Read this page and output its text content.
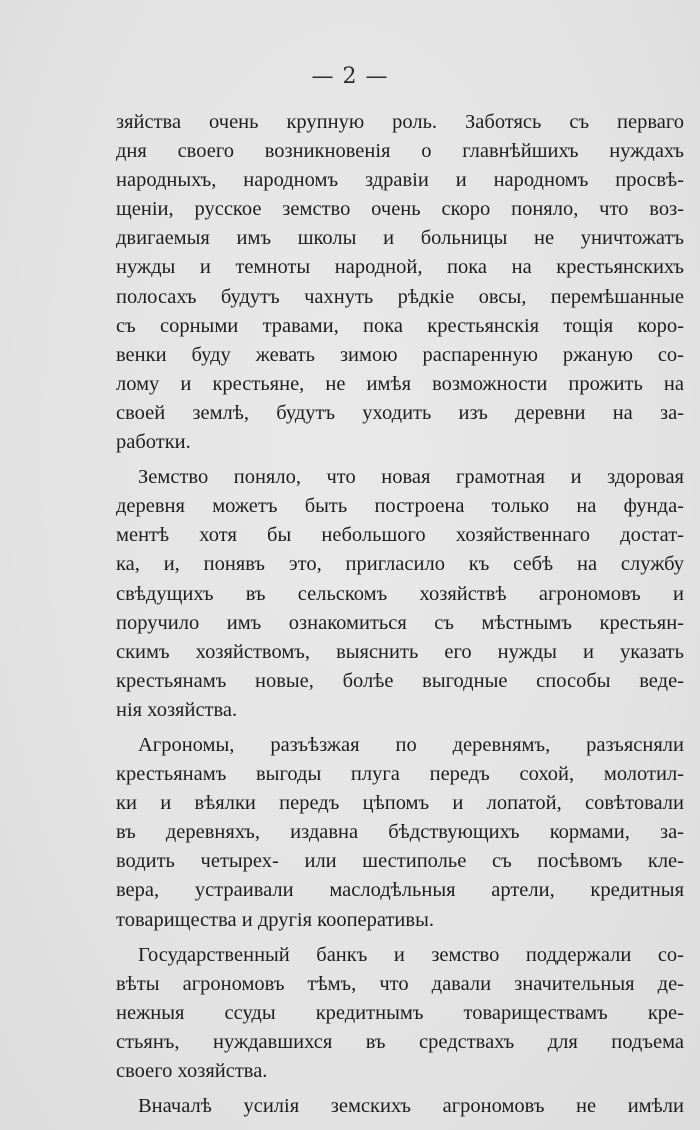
— 2 —
зяйства очень крупную роль. Заботясь съ перваго
дня своего возникновенія о главнѣйшихъ нуждахъ
народныхъ, народномъ здравіи и народномъ просвѣ-
щеніи, русское земство очень скоро поняло, что воз-
двигаемыя имъ школы и больницы не уничтожатъ
нужды и темноты народной, пока на крестьянскихъ
полосахъ будутъ чахнуть рѣдкіе овсы, перемѣшанные
съ сорными травами, пока крестьянскія тощія коро-
венки буду жевать зимою распаренную ржаную со-
лому и крестьяне, не имѣя возможности прожить на
своей землѣ, будутъ уходить изъ деревни на за-
работки.
Земство поняло, что новая грамотная и здоровая
деревня можетъ быть построена только на фунда-
ментѣ хотя бы небольшого хозяйственнаго достат-
ка, и, понявъ это, пригласило къ себѣ на службу
свѣдущихъ въ сельскомъ хозяйствѣ агрономовъ и
поручило имъ ознакомиться съ мѣстнымъ крестьян-
скимъ хозяйствомъ, выяснить его нужды и указать
крестьянамъ новые, болѣе выгодные способы веде-
нія хозяйства.
Агрономы, разъѣзжая по деревнямъ, разъясняли
крестьянамъ выгоды плуга передъ сохой, молотил-
ки и вѣялки передъ цѣпомъ и лопатой, совѣтовали
въ деревняхъ, издавна бѣдствующихъ кормами, за-
водить четырех- или шестиполье съ посѣвомъ кле-
вера, устраивали маслодѣльныя артели, кредитныя
товарищества и другія кооперативы.
Государственный банкъ и земство поддержали со-
вѣты агрономовъ тѣмъ, что давали значительныя де-
нежныя ссуды кредитнымъ товариществамъ кре-
стьянъ, нуждавшихся въ средствахъ для подъема
своего хозяйства.
Вначалѣ усилія земскихъ агрономовъ не имѣли
